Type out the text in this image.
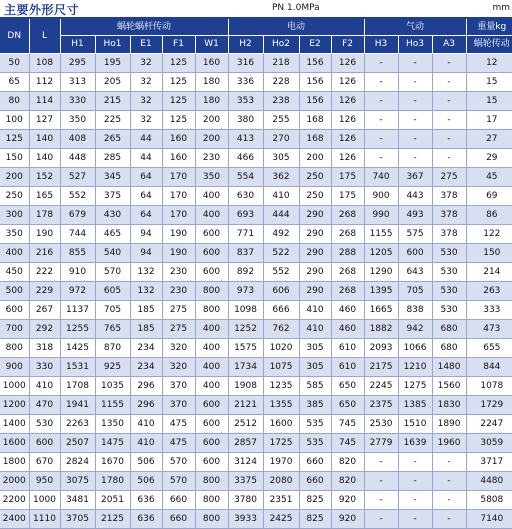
主要外形尺寸	PN 1.0MPa	mm
DN	L	蜗轮蜗杆传动					电动				气动			重量kg
		H1	Ho1	E1	F1	W1	H2	Ho2	E2	F2	H3	Ho3	A3	蜗轮传动
50	108	295	195	32	125	160	316	218	156	126	-	-	-	12
65	112	313	205	32	125	180	336	228	156	126	-	-	-	15
80	114	330	215	32	125	180	353	238	156	126	-	-	-	15
100	127	350	225	32	125	200	380	255	168	126	-	-	-	17
125	140	408	265	44	160	200	413	270	168	126	-	-	-	27
150	140	448	285	44	160	230	466	305	200	126	-	-	-	29
200	152	527	345	64	170	350	554	362	250	175	740	367	275	45
250	165	552	375	64	170	400	630	410	250	175	900	443	378	69
300	178	679	430	64	170	400	693	444	290	268	990	493	378	86
350	190	744	465	94	190	600	771	492	290	268	1155	575	378	122
400	216	855	540	94	190	600	837	522	290	288	1205	600	530	150
450	222	910	570	132	230	600	892	552	290	268	1290	643	530	214
500	229	972	605	132	230	800	973	606	290	268	1395	705	530	263
600	267	1137	705	185	275	800	1098	666	410	460	1665	838	530	333
700	292	1255	765	185	275	400	1252	762	410	460	1882	942	680	473
800	318	1425	870	234	320	400	1575	1020	305	610	2093	1066	680	655
900	330	1531	925	234	320	400	1734	1075	305	610	2175	1210	1480	844
1000	410	1708	1035	296	370	400	1908	1235	585	650	2245	1275	1560	1078
1200	470	1941	1155	296	370	600	2121	1355	385	650	2375	1385	1830	1729
1400	530	2263	1350	410	475	600	2512	1600	535	745	2530	1510	1890	2247
1600	600	2507	1475	410	475	600	2857	1725	535	745	2779	1639	1960	3059
1800	670	2824	1670	506	570	600	3124	1970	660	820	-	-	-	3717
2000	950	3075	1780	506	570	800	3375	2080	660	820	-	-	-	4480
2200	1000	3481	2051	636	660	800	3780	2351	825	920	-	-	-	5808
2400	1110	3705	2125	636	660	800	3933	2425	825	920	-	-	-	7140
